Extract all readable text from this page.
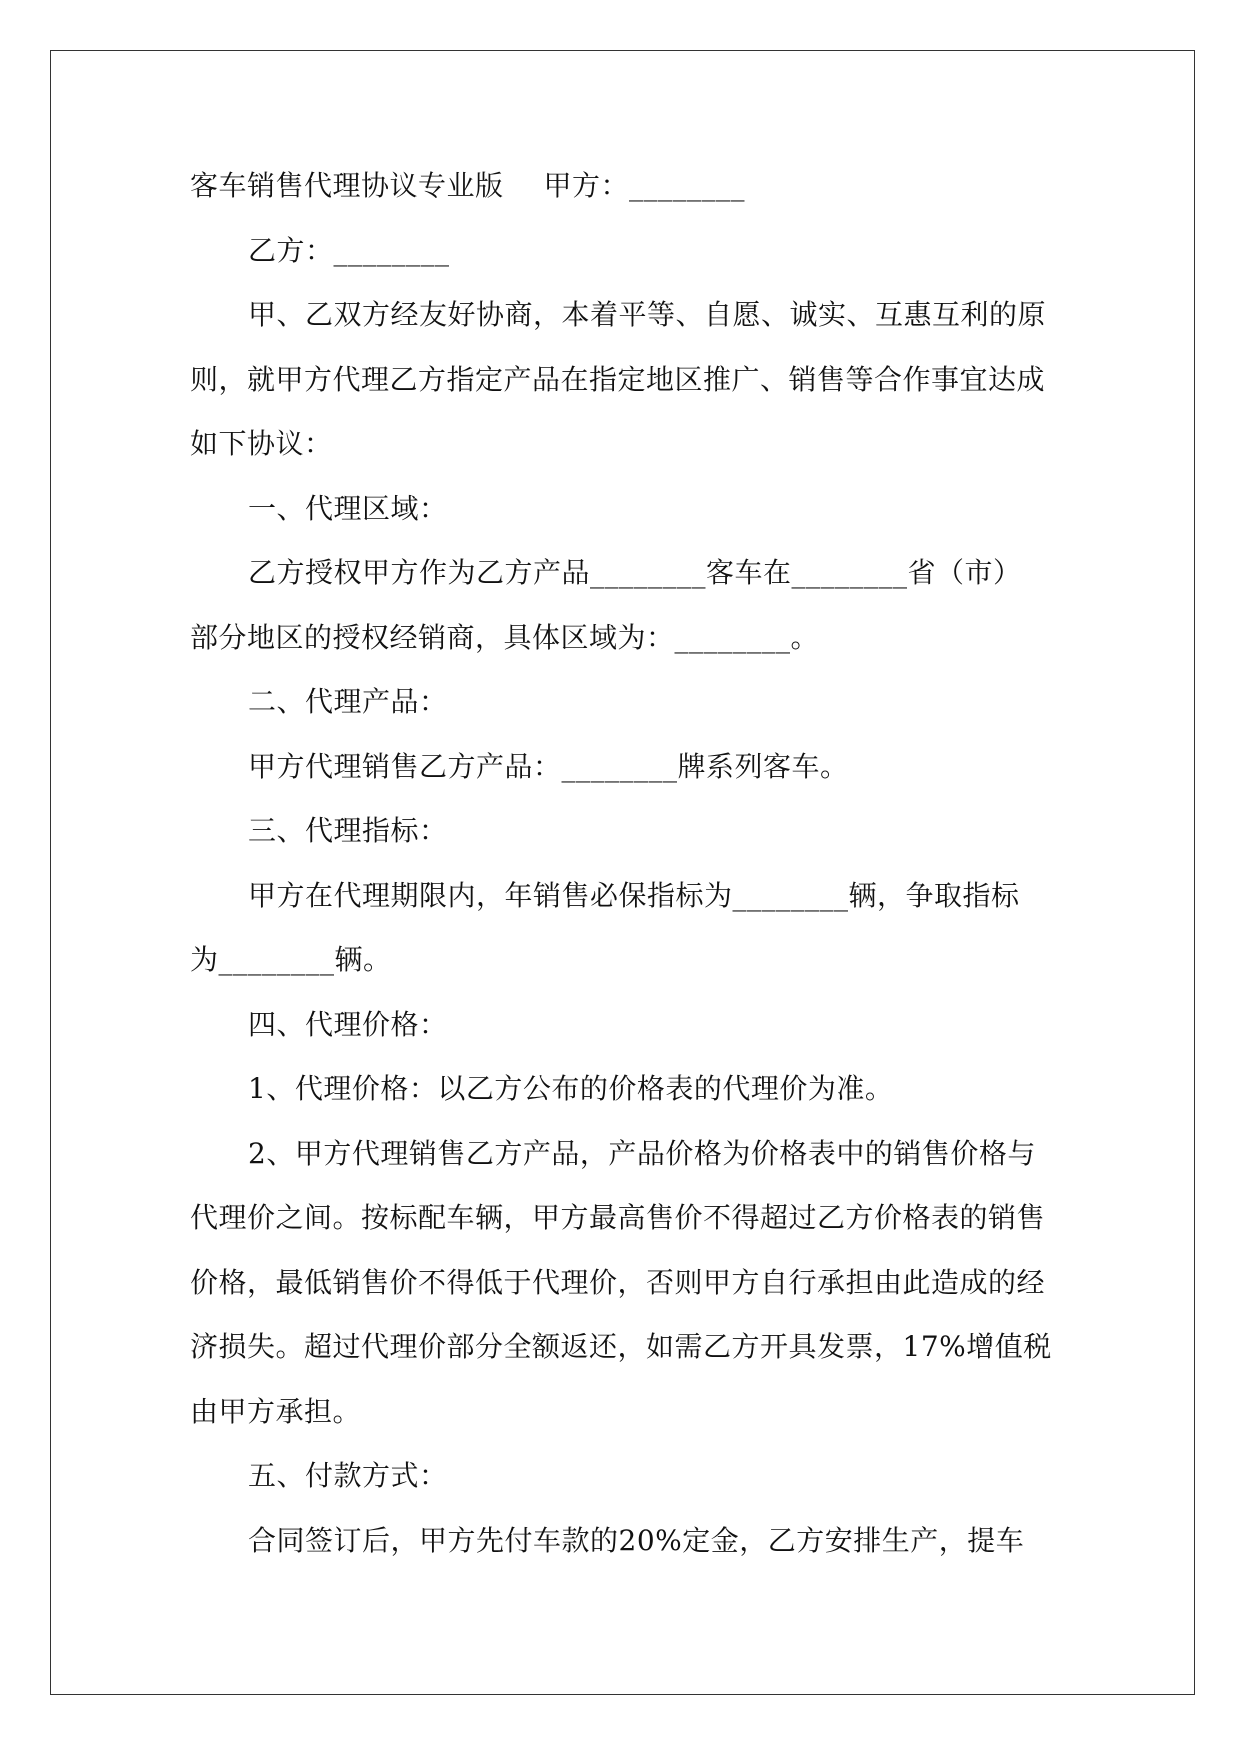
客车销售代理协议专业版 甲方：________
乙方：________
甲、乙双方经友好协商，本着平等、自愿、诚实、互惠互利的原
则，就甲方代理乙方指定产品在指定地区推广、销售等合作事宜达成
如下协议：
一、代理区域：
乙方授权甲方作为乙方产品________客车在________省（市）
部分地区的授权经销商，具体区域为：________。
二、代理产品：
甲方代理销售乙方产品：________牌系列客车。
三、代理指标：
甲方在代理期限内，年销售必保指标为________辆，争取指标
为________辆。
四、代理价格：
1、代理价格：以乙方公布的价格表的代理价为准。
2、甲方代理销售乙方产品，产品价格为价格表中的销售价格与
代理价之间。按标配车辆，甲方最高售价不得超过乙方价格表的销售
价格，最低销售价不得低于代理价，否则甲方自行承担由此造成的经
济损失。超过代理价部分全额返还，如需乙方开具发票，17%增值税
由甲方承担。
五、付款方式：
合同签订后，甲方先付车款的20%定金，乙方安排生产，提车
